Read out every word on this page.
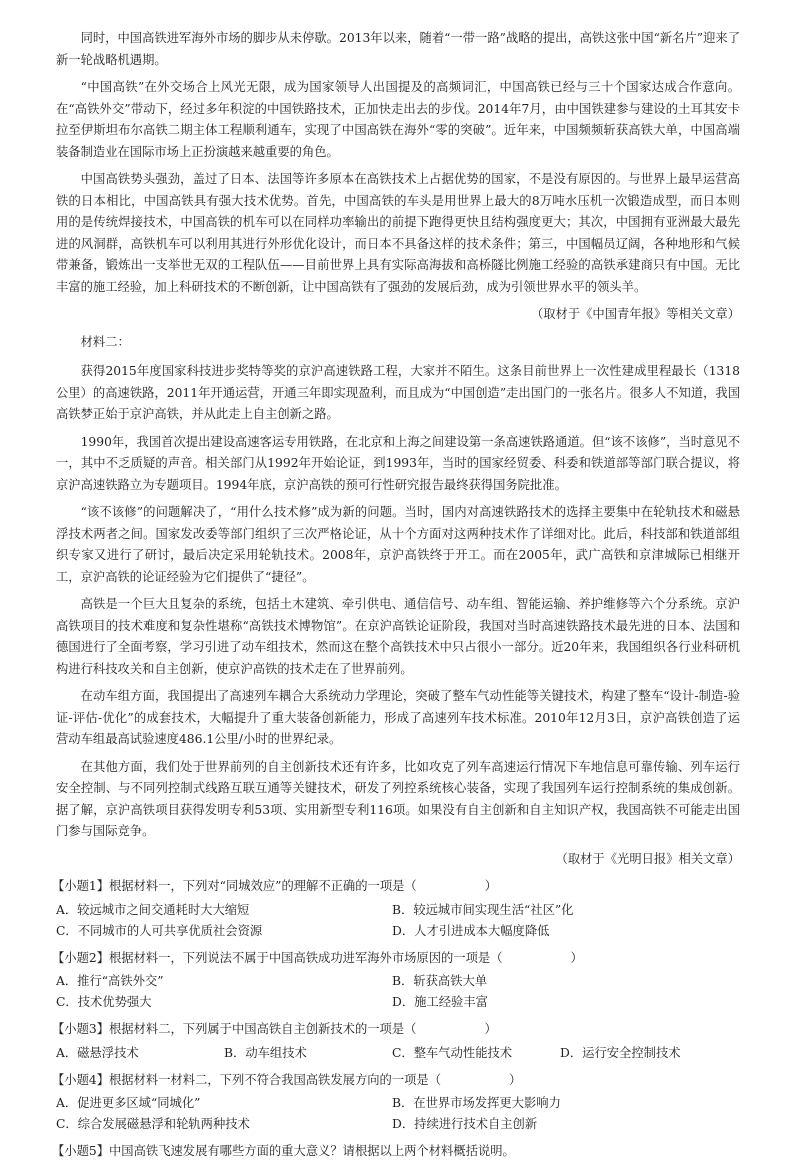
同时，中国高铁进军海外市场的脚步从未停歇。2013年以来，随着“一带一路”战略的提出，高铁这张中国“新名片”迎来了新一轮战略机遇期。

“中国高铁”在外交场合上风光无限，成为国家领导人出国提及的高频词汇，中国高铁已经与三十个国家达成合作意向。在“高铁外交”带动下，经过多年积淀的中国铁路技术，正加快走出去的步伐。2014年7月，由中国铁建参与建设的土耳其安卡拉至伊斯坦布尔高铁二期主体工程顺利通车，实现了中国高铁在海外“零的突破”。近年来，中国频频斩获高铁大单，中国高端装备制造业在国际市场上正扮演越来越重要的角色。

中国高铁势头强劲，盖过了日本、法国等许多原本在高铁技术上占据优势的国家，不是没有原因的。与世界上最早运营高铁的日本相比，中国高铁具有强大技术优势。首先，中国高铁的车头是用世界上最大的8万吨水压机一次锻造成型，而日本则用的是传统焊接技术，中国高铁的机车可以在同样功率输出的前提下跑得更快且结构强度更大；其次，中国拥有亚洲最大最先进的风洞群，高铁机车可以利用其进行外形优化设计，而日本不具备这样的技术条件；第三，中国幅员辽阔，各种地形和气候带兼备，锻炼出一支举世无双的工程队伍——目前世界上具有实际高海拔和高桥隧比例施工经验的高铁承建商只有中国。无比丰富的施工经验，加上科研技术的不断创新，让中国高铁有了强劲的发展后劲，成为引领世界水平的领头羊。

（取材于《中国青年报》等相关文章）

材料二：

获得2015年度国家科技进步奖特等奖的京沪高速铁路工程，大家并不陌生。这条目前世界上一次性建成里程最长（1318公里）的高速铁路，2011年开通运营，开通三年即实现盈利，而且成为“中国创造”走出国门的一张名片。很多人不知道，我国高铁梦正始于京沪高铁，并从此走上自主创新之路。

1990年，我国首次提出建设高速客运专用铁路，在北京和上海之间建设第一条高速铁路通道。但“该不该修”，当时意见不一，其中不乏质疑的声音。相关部门从1992年开始论证，到1993年，当时的国家经贸委、科委和铁道部等部门联合提议，将京沪高速铁路立为专题项目。1994年底，京沪高铁的预可行性研究报告最终获得国务院批准。

“该不该修”的问题解决了，“用什么技术修”成为新的问题。当时，国内对高速铁路技术的选择主要集中在轮轨技术和磁悬浮技术两者之间。国家发改委等部门组织了三次严格论证，从十个方面对这两种技术作了详细对比。此后，科技部和铁道部组织专家又进行了研讨，最后决定采用轮轨技术。2008年，京沪高铁终于开工。而在2005年，武广高铁和京津城际已相继开工，京沪高铁的论证经验为它们提供了“捷径”。

高铁是一个巨大且复杂的系统，包括土木建筑、牵引供电、通信信号、动车组、智能运输、养护维修等六个分系统。京沪高铁项目的技术难度和复杂性堪称“高铁技术博物馆”。在京沪高铁论证阶段，我国对当时高速铁路技术最先进的日本、法国和德国进行了全面考察，学习引进了动车组技术，然而这在整个高铁技术中只占很小一部分。近20年来，我国组织各行业科研机构进行科技攻关和自主创新，使京沪高铁的技术走在了世界前列。

在动车组方面，我国提出了高速列车耦合大系统动力学理论，突破了整车气动性能等关键技术，构建了整车“设计-制造-验证-评估-优化”的成套技术，大幅提升了重大装备创新能力，形成了高速列车技术标准。2010年12月3日，京沪高铁创造了运营动车组最高试验速度486.1公里/小时的世界纪录。

在其他方面，我们处于世界前列的自主创新技术还有许多，比如攻克了列车高速运行情况下车地信息可靠传输、列车运行安全控制、与不同列控制式线路互联互通等关键技术，研发了列控系统核心装备，实现了我国列车运行控制系统的集成创新。据了解，京沪高铁项目获得发明专利53项、实用新型专利116项。如果没有自主创新和自主知识产权，我国高铁不可能走出国门参与国际竞争。

（取材于《光明日报》相关文章）

【小题1】根据材料一，下列对“同城效应”的理解不正确的一项是（	）

A．较远城市之间交通耗时大大缩短	B．较远城市间实现生活“社区”化
C．不同城市的人可共享优质社会资源	D．人才引进成本大幅度降低

【小题2】根据材料一，下列说法不属于中国高铁成功进军海外市场原因的一项是（	）

A．推行“高铁外交”	B．斩获高铁大单
C．技术优势强大	D．施工经验丰富

【小题3】根据材料二，下列属于中国高铁自主创新技术的一项是（	）

A．磁悬浮技术	B．动车组技术	C．整车气动性能技术	D．运行安全控制技术

【小题4】根据材料一材料二，下列不符合我国高铁发展方向的一项是（	）

A．促进更多区域“同城化”	B．在世界市场发挥更大影响力
C．综合发展磁悬浮和轮轨两种技术	D．持续进行技术自主创新

【小题5】中国高铁飞速发展有哪些方面的重大意义？请根据以上两个材料概括说明。
